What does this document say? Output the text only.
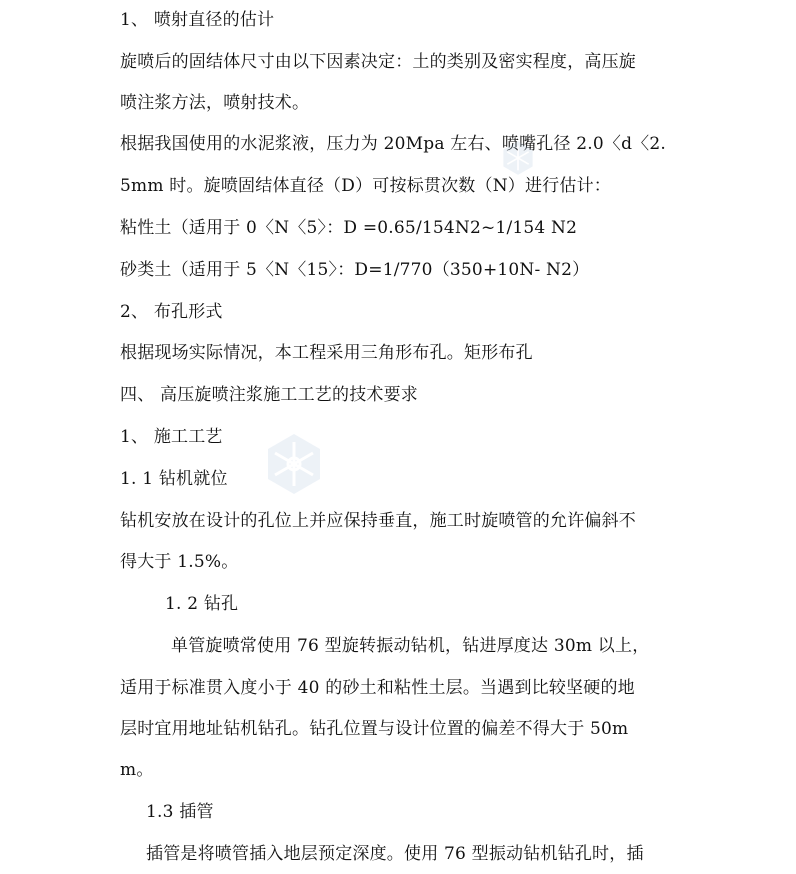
1、 喷射直径的估计
旋喷后的固结体尺寸由以下因素决定：土的类别及密实程度，高压旋
喷注浆方法，喷射技术。
根据我国使用的水泥浆液，压力为 20Mpa 左右、喷嘴孔径 2.0〈d〈2.
5mm 时。旋喷固结体直径（D）可按标贯次数（N）进行估计：
粘性土（适用于 0〈N〈5〉：D =0.65/154N2~1/154 N2
砂类土（适用于 5〈N〈15〉：D=1/770（350+10N- N2）
2、 布孔形式
根据现场实际情况，本工程采用三角形布孔。矩形布孔
四、 高压旋喷注浆施工工艺的技术要求
1、 施工工艺
1. 1 钻机就位
钻机安放在设计的孔位上并应保持垂直，施工时旋喷管的允许偏斜不
得大于 1.5%。
1. 2 钻孔
单管旋喷常使用 76 型旋转振动钻机，钻进厚度达 30m 以上，
适用于标准贯入度小于 40 的砂土和粘性土层。当遇到比较坚硬的地
层时宜用地址钻机钻孔。钻孔位置与设计位置的偏差不得大于 50m
m。
1.3 插管
插管是将喷管插入地层预定深度。使用 76 型振动钻机钻孔时，插
